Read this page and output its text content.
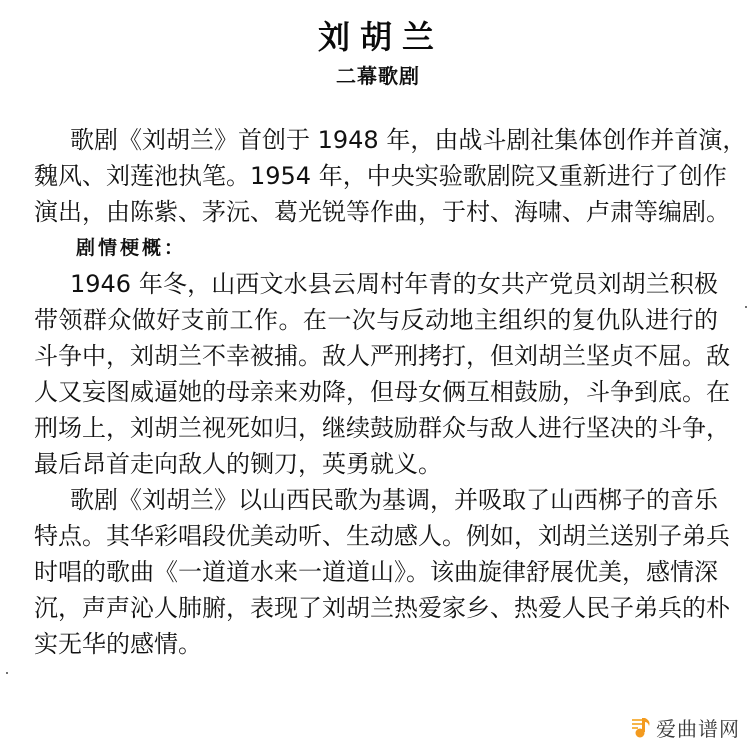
刘胡兰
二幕歌剧
歌剧《刘胡兰》首创于 1948 年，由战斗剧社集体创作并首演，
魏风、刘莲池执笔。1954 年，中央实验歌剧院又重新进行了创作
演出，由陈紫、茅沅、葛光锐等作曲，于村、海啸、卢肃等编剧。
剧情梗概：
1946 年冬，山西文水县云周村年青的女共产党员刘胡兰积极
带领群众做好支前工作。在一次与反动地主组织的复仇队进行的
斗争中，刘胡兰不幸被捕。敌人严刑拷打，但刘胡兰坚贞不屈。敌
人又妄图威逼她的母亲来劝降，但母女俩互相鼓励，斗争到底。在
刑场上，刘胡兰视死如归，继续鼓励群众与敌人进行坚决的斗争，
最后昂首走向敌人的铡刀，英勇就义。
歌剧《刘胡兰》以山西民歌为基调，并吸取了山西梆子的音乐
特点。其华彩唱段优美动听、生动感人。例如，刘胡兰送别子弟兵
时唱的歌曲《一道道水来一道道山》。该曲旋律舒展优美，感情深
沉，声声沁人肺腑，表现了刘胡兰热爱家乡、热爱人民子弟兵的朴
实无华的感情。
爱曲谱网
